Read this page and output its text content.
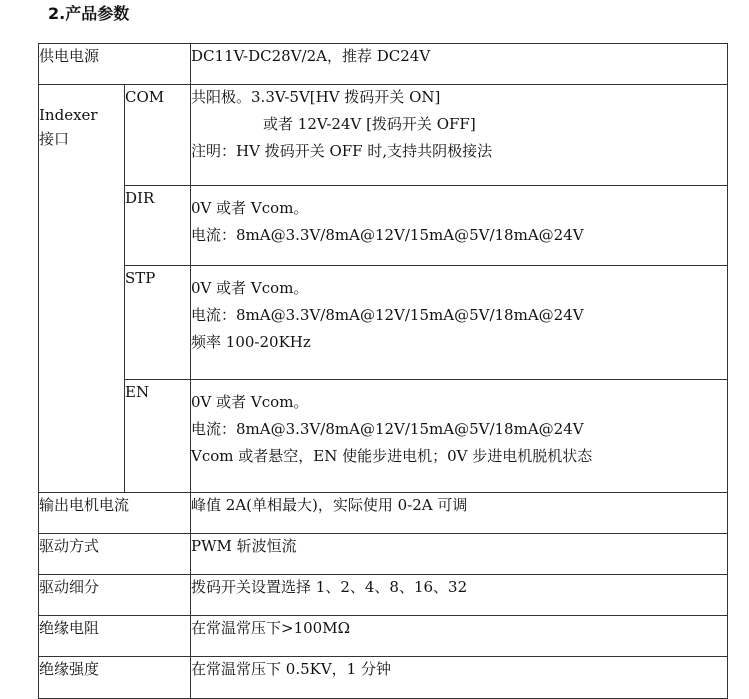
2.产品参数
供电电源		DC11V-DC28V/2A，推荐 DC24V

Indexer
接口	COM	共阳极。3.3V-5V[HV 拨码开关 ON]
或者 12V-24V [拨码开关 OFF]
注明：HV 拨码开关 OFF 时,支持共阴极接法

	DIR	0V 或者 Vcom。
电流：8mA@3.3V/8mA@12V/15mA@5V/18mA@24V

	STP	0V 或者 Vcom。
电流：8mA@3.3V/8mA@12V/15mA@5V/18mA@24V
频率 100-20KHz

	EN	0V 或者 Vcom。
电流：8mA@3.3V/8mA@12V/15mA@5V/18mA@24V
Vcom 或者悬空，EN 使能步进电机；0V 步进电机脱机状态

输出电机电流		峰值 2A(单相最大)，实际使用 0-2A 可调
驱动方式		PWM 斩波恒流
驱动细分		拨码开关设置选择 1、2、4、8、16、32
绝缘电阻		在常温常压下>100MΩ
绝缘强度		在常温常压下 0.5KV，1 分钟
